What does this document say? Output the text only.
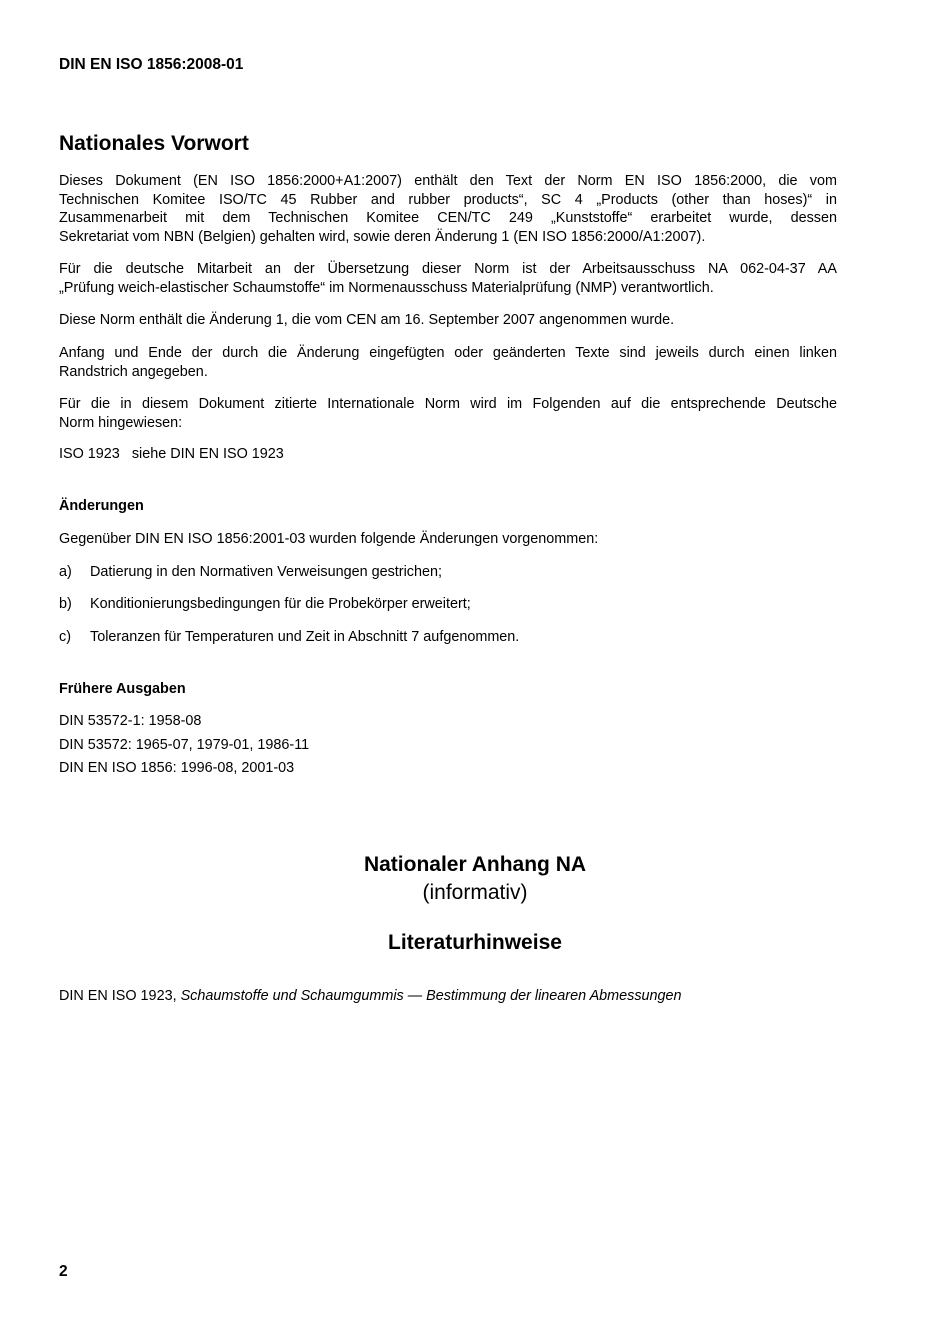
DIN EN ISO 1856:2008-01
Nationales Vorwort
Dieses Dokument (EN ISO 1856:2000+A1:2007) enthält den Text der Norm EN ISO 1856:2000, die vom
Technischen Komitee ISO/TC 45 Rubber and rubber products“, SC 4 „Products (other than hoses)“ in
Zusammenarbeit mit dem Technischen Komitee CEN/TC 249 „Kunststoffe“ erarbeitet wurde, dessen
Sekretariat vom NBN (Belgien) gehalten wird, sowie deren Änderung 1 (EN ISO 1856:2000/A1:2007).
Für die deutsche Mitarbeit an der Übersetzung dieser Norm ist der Arbeitsausschuss NA 062-04-37 AA
„Prüfung weich-elastischer Schaumstoffe“ im Normenausschuss Materialprüfung (NMP) verantwortlich.
Diese Norm enthält die Änderung 1, die vom CEN am 16. September 2007 angenommen wurde.
Anfang und Ende der durch die Änderung eingefügten oder geänderten Texte sind jeweils durch einen linken
Randstrich angegeben.
Für die in diesem Dokument zitierte Internationale Norm wird im Folgenden auf die entsprechende Deutsche
Norm hingewiesen:
ISO 1923 siehe DIN EN ISO 1923
Änderungen
Gegenüber DIN EN ISO 1856:2001-03 wurden folgende Änderungen vorgenommen:
a) Datierung in den Normativen Verweisungen gestrichen;
b) Konditionierungsbedingungen für die Probekörper erweitert;
c) Toleranzen für Temperaturen und Zeit in Abschnitt 7 aufgenommen.
Frühere Ausgaben
DIN 53572-1: 1958-08
DIN 53572: 1965-07, 1979-01, 1986-11
DIN EN ISO 1856: 1996-08, 2001-03
Nationaler Anhang NA
(informativ)
Literaturhinweise
DIN EN ISO 1923, Schaumstoffe und Schaumgummis — Bestimmung der linearen Abmessungen
2
